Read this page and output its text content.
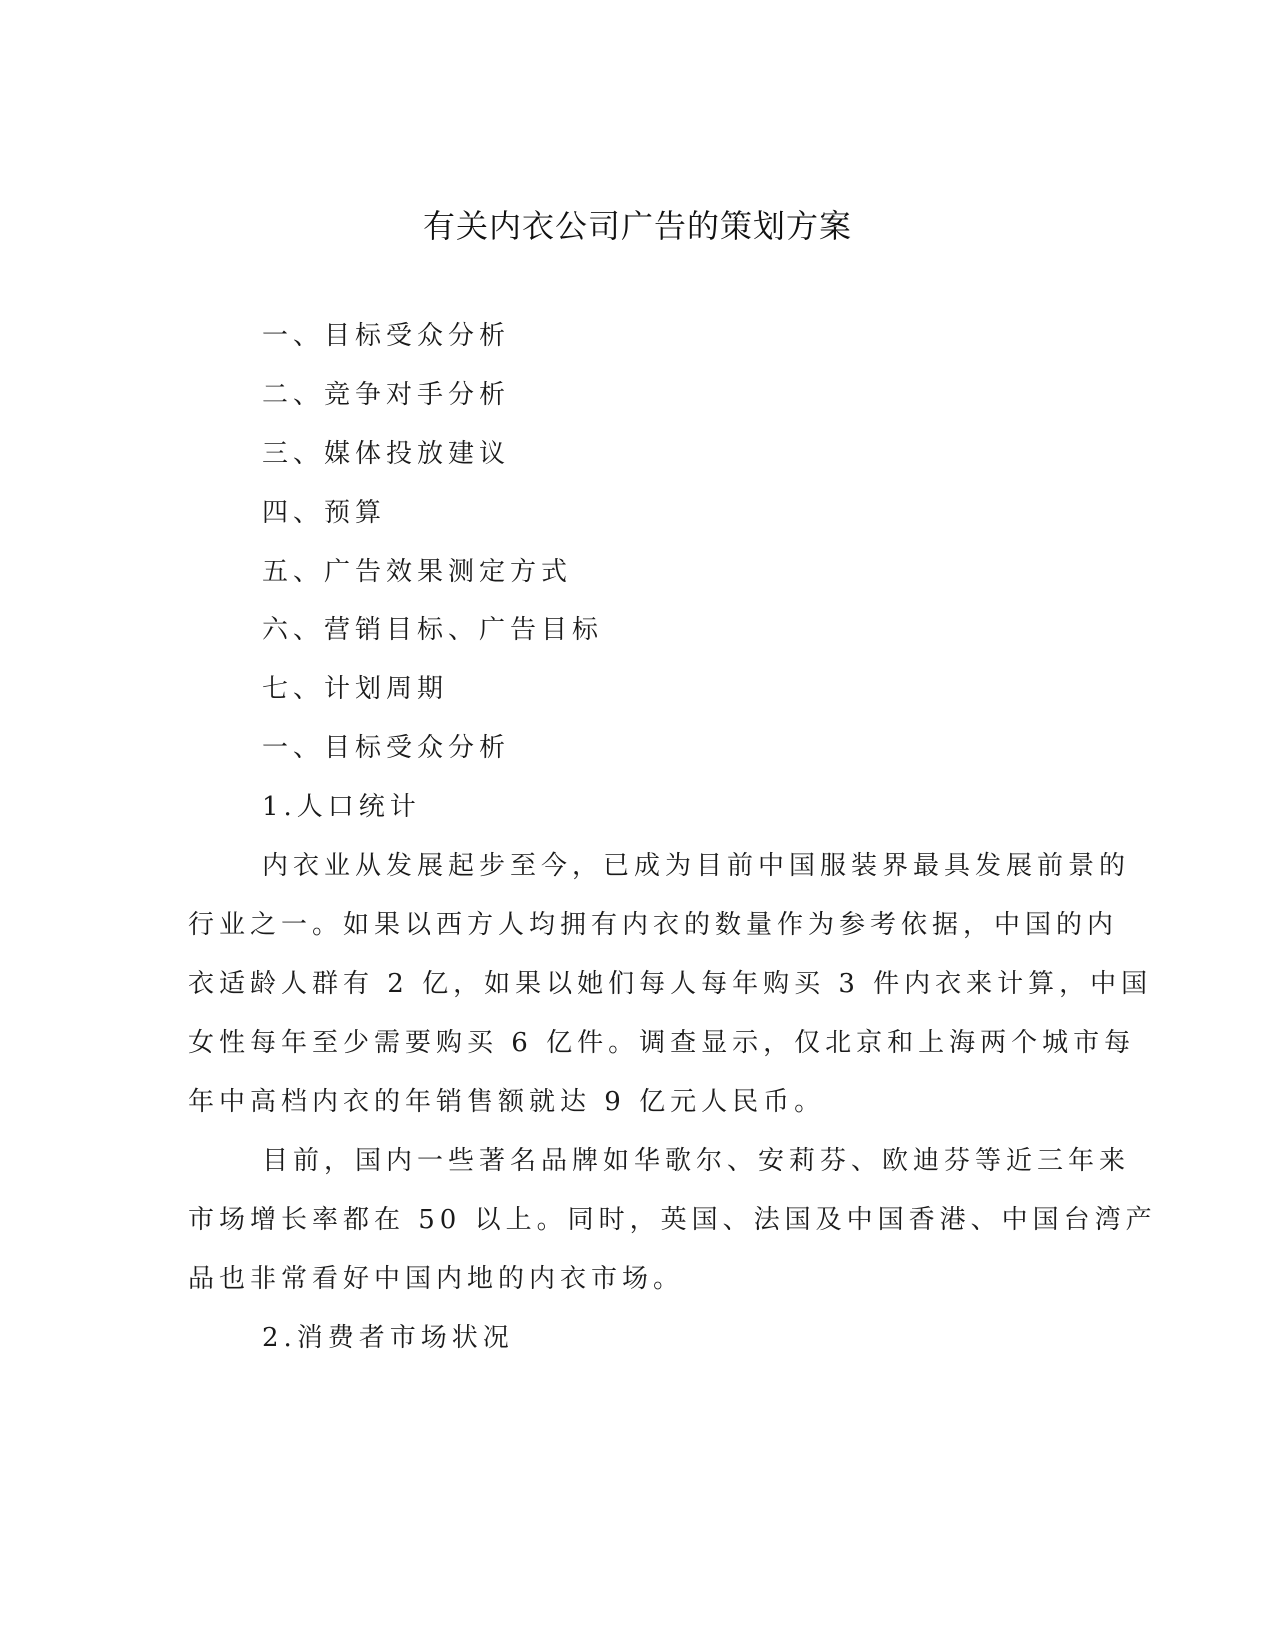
有关内衣公司广告的策划方案

一、目标受众分析

二、竞争对手分析

三、媒体投放建议

四、预算

五、广告效果测定方式

六、营销目标、广告目标

七、计划周期

一、目标受众分析

1.人口统计

内衣业从发展起步至今，已成为目前中国服装界最具发展前景的

行业之一。如果以西方人均拥有内衣的数量作为参考依据，中国的内

衣适龄人群有 2 亿，如果以她们每人每年购买 3 件内衣来计算，中国

女性每年至少需要购买 6 亿件。调查显示，仅北京和上海两个城市每

年中高档内衣的年销售额就达 9 亿元人民币。

目前，国内一些著名品牌如华歌尔、安莉芬、欧迪芬等近三年来

市场增长率都在 50 以上。同时，英国、法国及中国香港、中国台湾产

品也非常看好中国内地的内衣市场。

2.消费者市场状况
